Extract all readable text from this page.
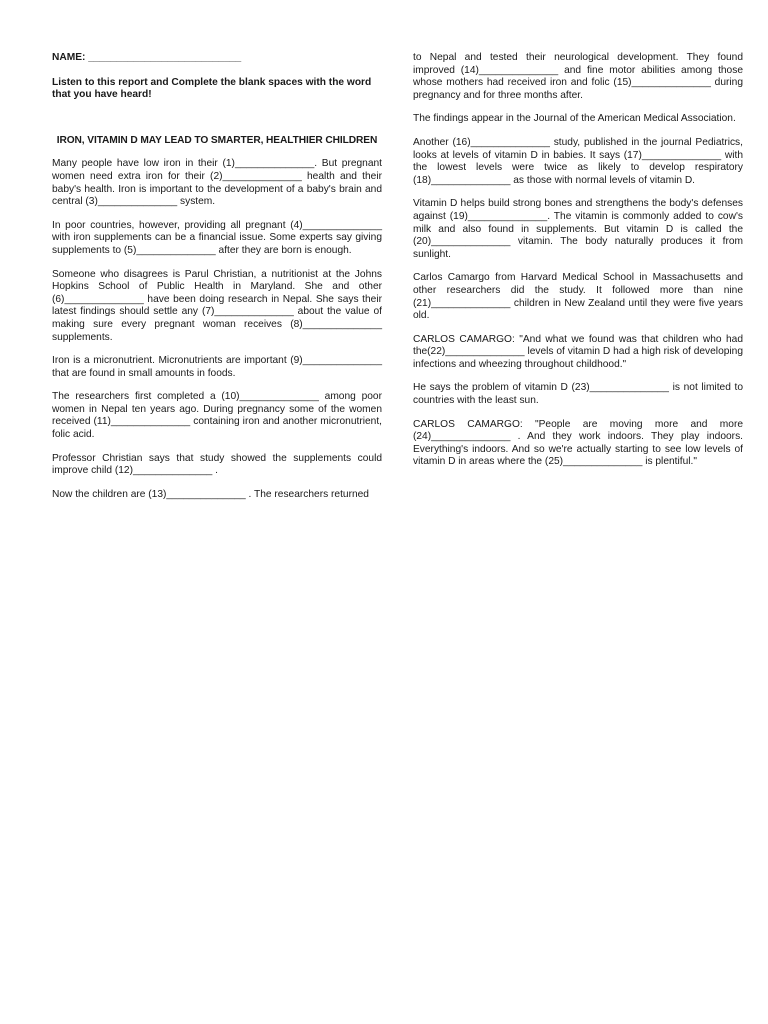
NAME: ___________________________

Listen to this report and Complete the blank spaces with the word that you have heard!

IRON, VITAMIN D MAY LEAD TO SMARTER, HEALTHIER CHILDREN

Many people have low iron in their (1)______________. But pregnant women need extra iron for their (2)______________ health and their baby's health. Iron is important to the development of a baby's brain and central (3)______________ system.

In poor countries, however, providing all pregnant (4)______________ with iron supplements can be a financial issue. Some experts say giving supplements to (5)______________ after they are born is enough.

Someone who disagrees is Parul Christian, a nutritionist at the Johns Hopkins School of Public Health in Maryland. She and other (6)______________ have been doing research in Nepal. She says their latest findings should settle any (7)______________ about the value of making sure every pregnant woman receives (8)______________ supplements.

Iron is a micronutrient. Micronutrients are important (9)______________ that are found in small amounts in foods.

The researchers first completed a (10)______________ among poor women in Nepal ten years ago. During pregnancy some of the women received (11)______________ containing iron and another micronutrient, folic acid.

Professor Christian says that study showed the supplements could improve child (12)______________ .

Now the children are (13)______________ . The researchers returned

to Nepal and tested their neurological development. They found improved (14)______________ and fine motor abilities among those whose mothers had received iron and folic (15)______________ during pregnancy and for three months after.

The findings appear in the Journal of the American Medical Association.

Another (16)______________ study, published in the journal Pediatrics, looks at levels of vitamin D in babies. It says (17)______________ with the lowest levels were twice as likely to develop respiratory (18)______________ as those with normal levels of vitamin D.

Vitamin D helps build strong bones and strengthens the body's defenses against (19)______________. The vitamin is commonly added to cow's milk and also found in supplements. But vitamin D is called the (20)______________ vitamin. The body naturally produces it from sunlight.

Carlos Camargo from Harvard Medical School in Massachusetts and other researchers did the study. It followed more than nine (21)______________ children in New Zealand until they were five years old.

CARLOS CAMARGO: "And what we found was that children who had the(22)______________ levels of vitamin D had a high risk of developing infections and wheezing throughout childhood."

He says the problem of vitamin D (23)______________ is not limited to countries with the least sun.

CARLOS CAMARGO: "People are moving more and more (24)______________ . And they work indoors. They play indoors. Everything's indoors. And so we're actually starting to see low levels of vitamin D in areas where the (25)______________ is plentiful."
